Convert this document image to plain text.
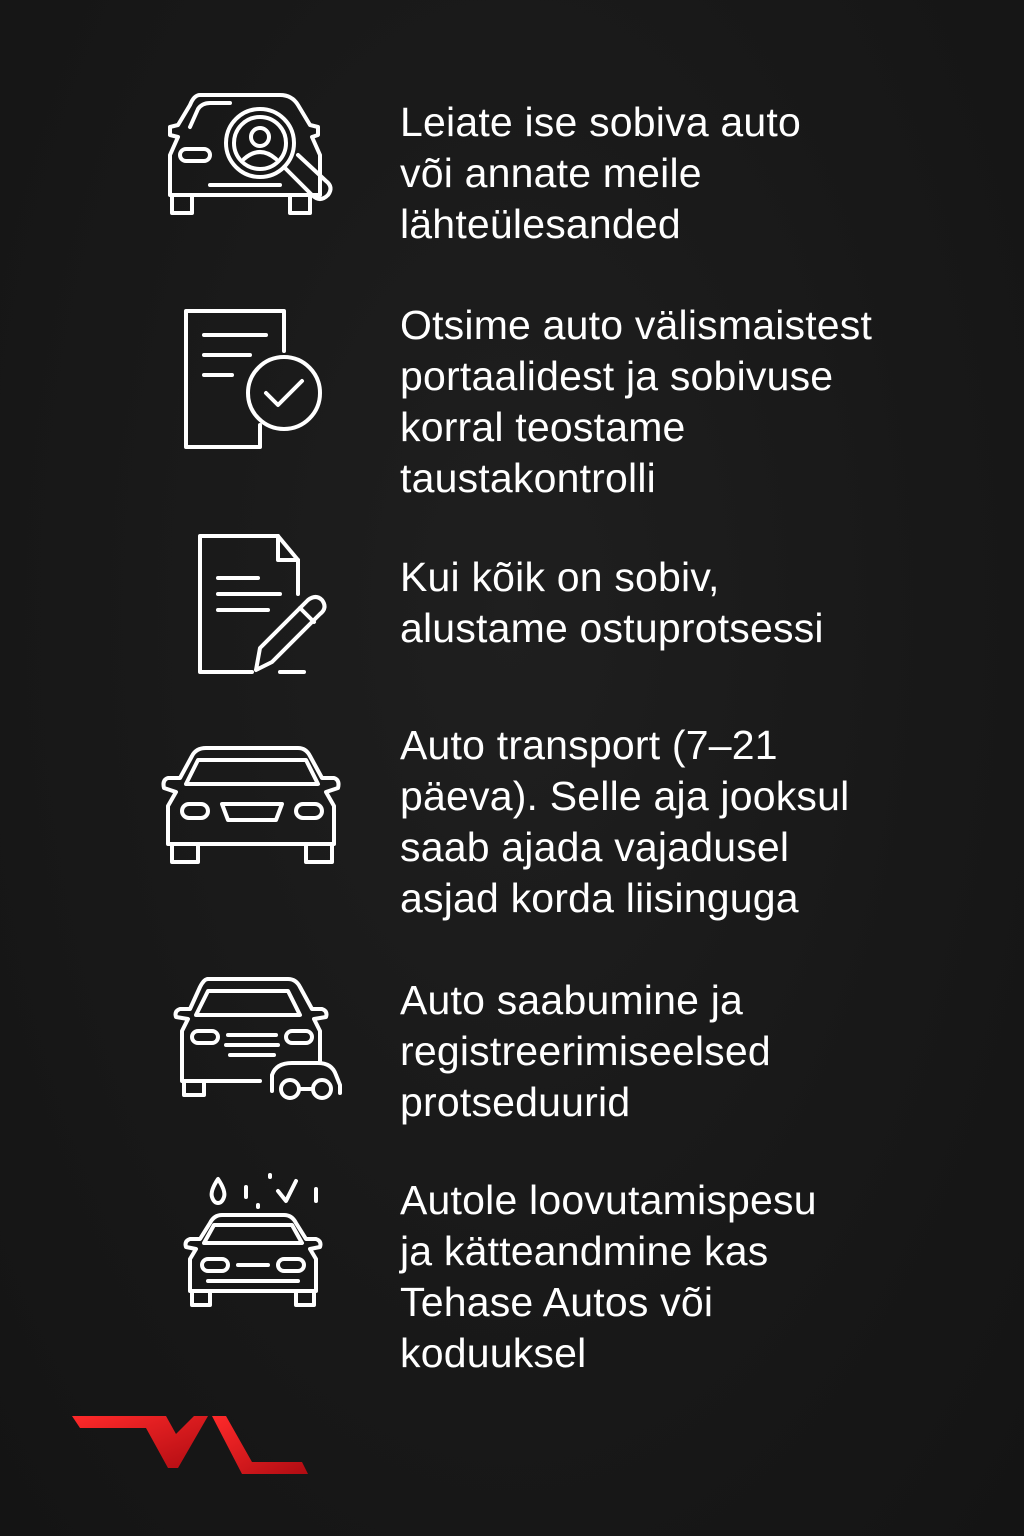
Leiate ise sobiva auto
või annate meile
lähteülesanded

Otsime auto välismaistest
portaalidest ja sobivuse
korral teostame
taustakontrolli

Kui kõik on sobiv,
alustame ostuprotsessi

Auto transport (7–21
päeva). Selle aja jooksul
saab ajada vajadusel
asjad korda liisinguga

Auto saabumine ja
registreerimiseelsed
protseduurid

Autole loovutamispesu
ja kätteandmine kas
Tehase Autos või
koduuksel
